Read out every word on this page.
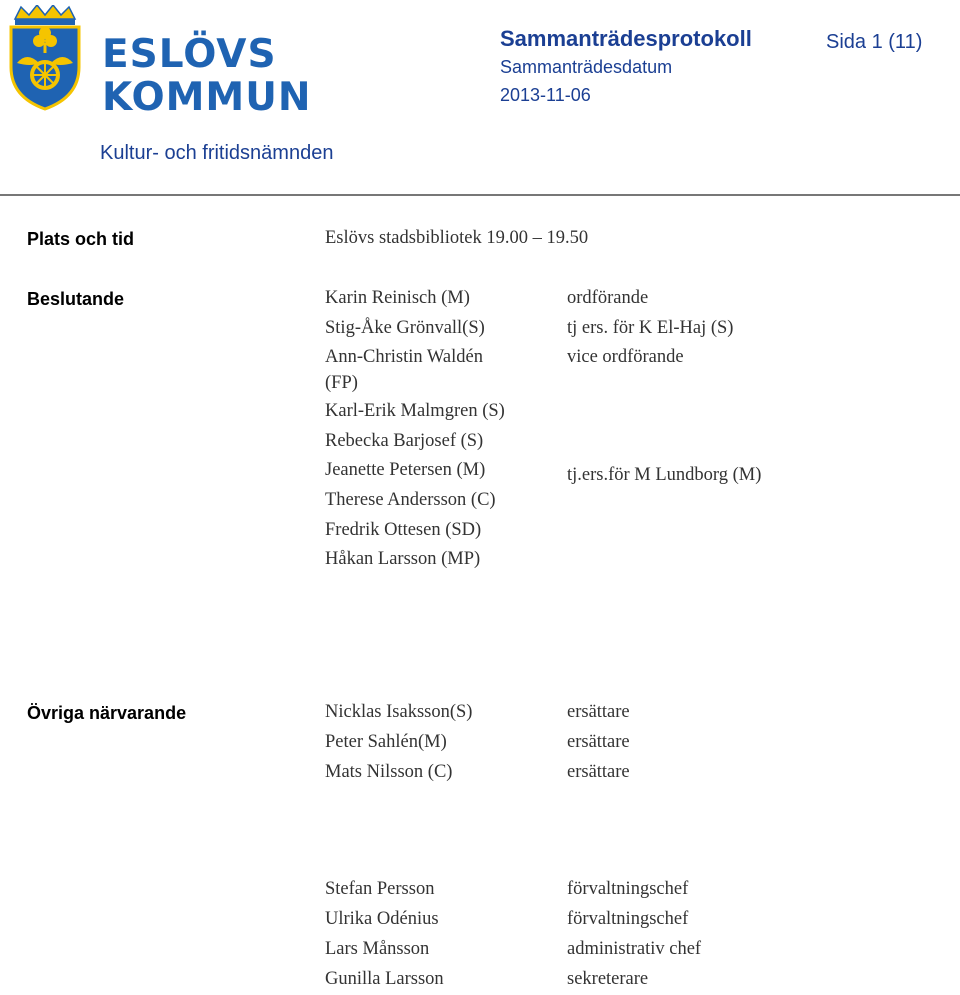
ESLÖVS
KOMMUN
Sammanträdesprotokoll	Sida 1 (11)
Sammanträdesdatum
2013-11-06
Kultur- och fritidsnämnden
Plats och tid	Eslövs stadsbibliotek 19.00 – 19.50
Beslutande	Karin Reinisch (M)	ordförande
Stig-Åke Grönvall(S)	tj ers. för K El-Haj (S)
Ann-Christin Waldén	vice ordförande
(FP)
Karl-Erik Malmgren (S)
Rebecka Barjosef (S)
Jeanette Petersen (M)	tj.ers.för M Lundborg (M)
Therese Andersson (C)
Fredrik Ottesen (SD)
Håkan Larsson (MP)
Övriga närvarande	Nicklas Isaksson(S)	ersättare
Peter Sahlén(M)	ersättare
Mats Nilsson (C)	ersättare
Stefan Persson	förvaltningschef
Ulrika Odénius	förvaltningschef
Lars Månsson	administrativ chef
Gunilla Larsson	sekreterare
